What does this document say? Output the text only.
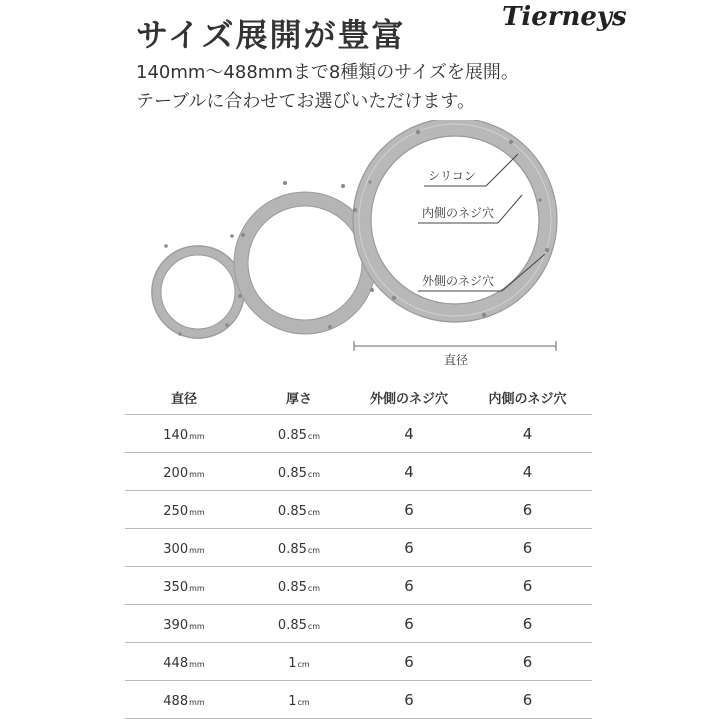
サイズ展開が豊富	Tierneys
140mm〜488mmまで8種類のサイズを展開。
テーブルに合わせてお選びいただけます。
シリコン
内側のネジ穴
外側のネジ穴
直径
直径	厚さ	外側のネジ穴	内側のネジ穴
140mm	0.85cm	4	4
200mm	0.85cm	4	4
250mm	0.85cm	6	6
300mm	0.85cm	6	6
350mm	0.85cm	6	6
390mm	0.85cm	6	6
448mm	1cm	6	6
488mm	1cm	6	6
